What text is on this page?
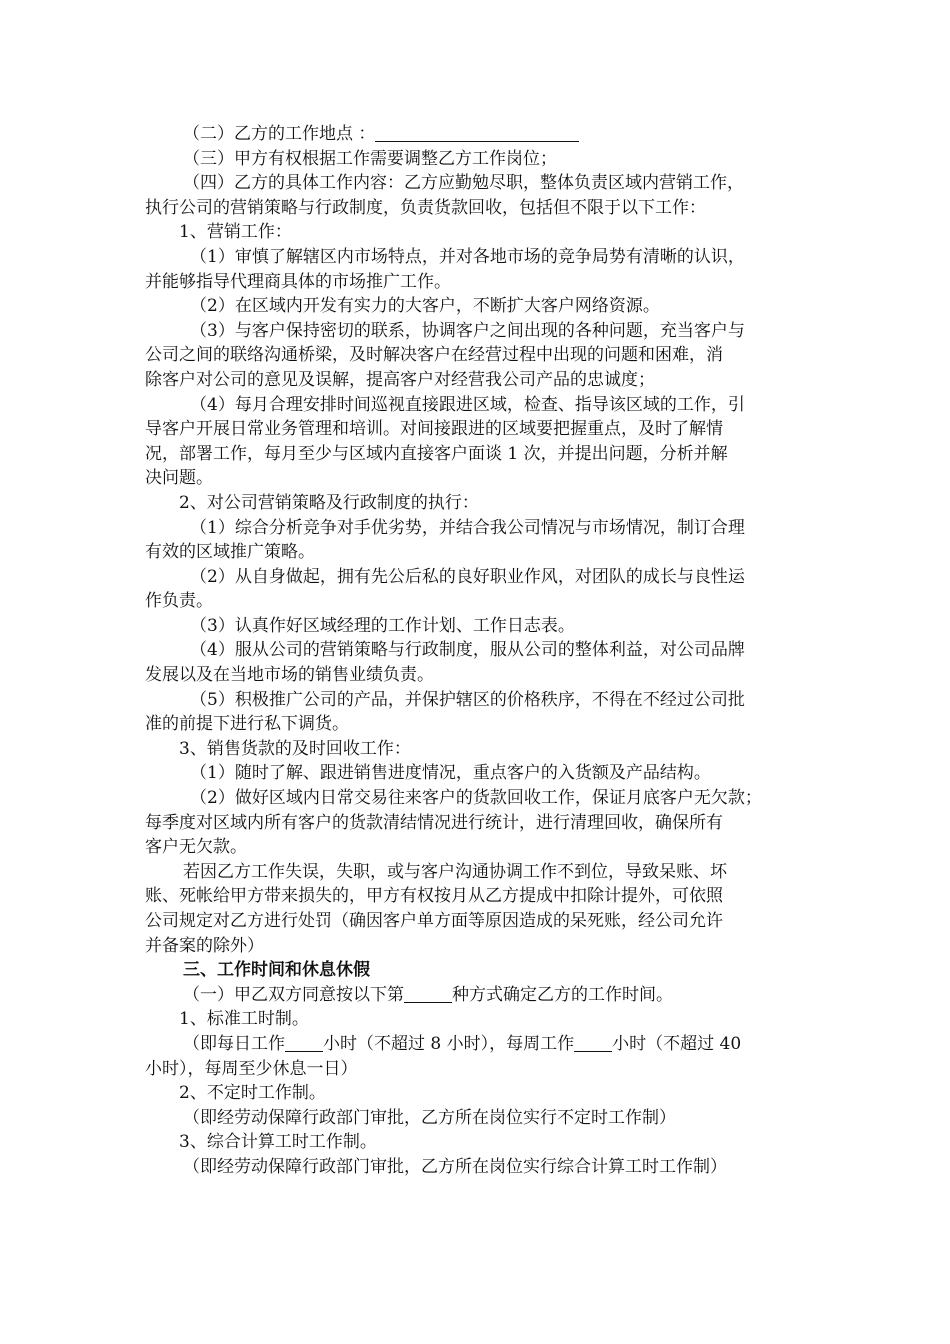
（二）乙方的工作地点 ：

（三）甲方有权根据工作需要调整乙方工作岗位；

（四）乙方的具体工作内容：乙方应勤勉尽职，整体负责区域内营销工作，

执行公司的营销策略与行政制度，负责货款回收，包括但不限于以下工作：

1、营销工作：

（1）审慎了解辖区内市场特点，并对各地市场的竞争局势有清晰的认识，

并能够指导代理商具体的市场推广工作。

（2）在区域内开发有实力的大客户，不断扩大客户网络资源。

（3）与客户保持密切的联系，协调客户之间出现的各种问题，充当客户与

公司之间的联络沟通桥梁，及时解决客户在经营过程中出现的问题和困难，消

除客户对公司的意见及误解，提高客户对经营我公司产品的忠诚度；

（4）每月合理安排时间巡视直接跟进区域，检查、指导该区域的工作，引

导客户开展日常业务管理和培训。对间接跟进的区域要把握重点，及时了解情

况，部署工作，每月至少与区域内直接客户面谈 1 次，并提出问题，分析并解

决问题。

2、对公司营销策略及行政制度的执行：

（1）综合分析竞争对手优劣势，并结合我公司情况与市场情况，制订合理

有效的区域推广策略。

（2）从自身做起，拥有先公后私的良好职业作风，对团队的成长与良性运

作负责。

（3）认真作好区域经理的工作计划、工作日志表。

（4）服从公司的营销策略与行政制度，服从公司的整体利益，对公司品牌

发展以及在当地市场的销售业绩负责。

（5）积极推广公司的产品，并保护辖区的价格秩序，不得在不经过公司批

准的前提下进行私下调货。

3、销售货款的及时回收工作：

（1）随时了解、跟进销售进度情况，重点客户的入货额及产品结构。

（2）做好区域内日常交易往来客户的货款回收工作，保证月底客户无欠款；

每季度对区域内所有客户的货款清结情况进行统计，进行清理回收，确保所有

客户无欠款。

若因乙方工作失误，失职，或与客户沟通协调工作不到位，导致呆账、坏

账、死帐给甲方带来损失的，甲方有权按月从乙方提成中扣除计提外，可依照

公司规定对乙方进行处罚（确因客户单方面等原因造成的呆死账，经公司允许

并备案的除外）

三、工作时间和休息休假

（一）甲乙双方同意按以下第	种方式确定乙方的工作时间。

1、标准工时制。

（即每日工作 小时（不超过 8 小时），每周工作 小时（不超过 40

小时），每周至少休息一日）

2、不定时工作制。

（即经劳动保障行政部门审批，乙方所在岗位实行不定时工作制）

3、综合计算工时工作制。

（即经劳动保障行政部门审批，乙方所在岗位实行综合计算工时工作制）
